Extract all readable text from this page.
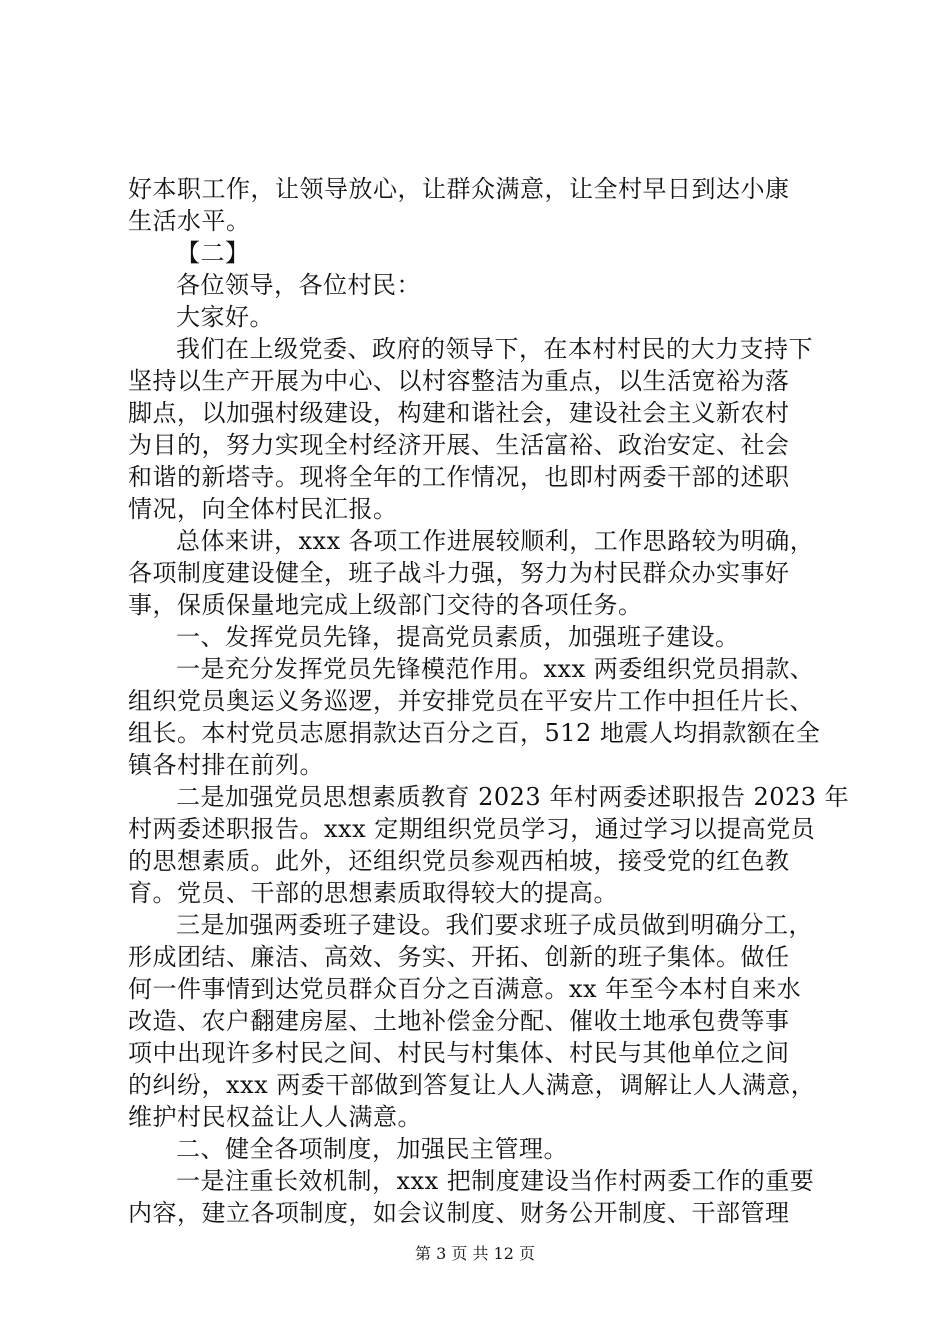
好本职工作，让领导放心，让群众满意，让全村早日到达小康
生活水平。
【二】
各位领导，各位村民：
大家好。
我们在上级党委、政府的领导下，在本村村民的大力支持下
坚持以生产开展为中心、以村容整洁为重点，以生活宽裕为落
脚点，以加强村级建设，构建和谐社会，建设社会主义新农村
为目的，努力实现全村经济开展、生活富裕、政治安定、社会
和谐的新塔寺。现将全年的工作情况，也即村两委干部的述职
情况，向全体村民汇报。
总体来讲，xxx 各项工作进展较顺利，工作思路较为明确，
各项制度建设健全，班子战斗力强，努力为村民群众办实事好
事，保质保量地完成上级部门交待的各项任务。
一、发挥党员先锋，提高党员素质，加强班子建设。
一是充分发挥党员先锋模范作用。xxx 两委组织党员捐款、
组织党员奥运义务巡逻，并安排党员在平安片工作中担任片长、
组长。本村党员志愿捐款达百分之百，512 地震人均捐款额在全
镇各村排在前列。
二是加强党员思想素质教育 2023 年村两委述职报告 2023 年
村两委述职报告。xxx 定期组织党员学习，通过学习以提高党员
的思想素质。此外，还组织党员参观西柏坡，接受党的红色教
育。党员、干部的思想素质取得较大的提高。
三是加强两委班子建设。我们要求班子成员做到明确分工，
形成团结、廉洁、高效、务实、开拓、创新的班子集体。做任
何一件事情到达党员群众百分之百满意。xx 年至今本村自来水
改造、农户翻建房屋、土地补偿金分配、催收土地承包费等事
项中出现许多村民之间、村民与村集体、村民与其他单位之间
的纠纷，xxx 两委干部做到答复让人人满意，调解让人人满意，
维护村民权益让人人满意。
二、健全各项制度，加强民主管理。
一是注重长效机制，xxx 把制度建设当作村两委工作的重要
内容，建立各项制度，如会议制度、财务公开制度、干部管理
第 3 页 共 12 页
